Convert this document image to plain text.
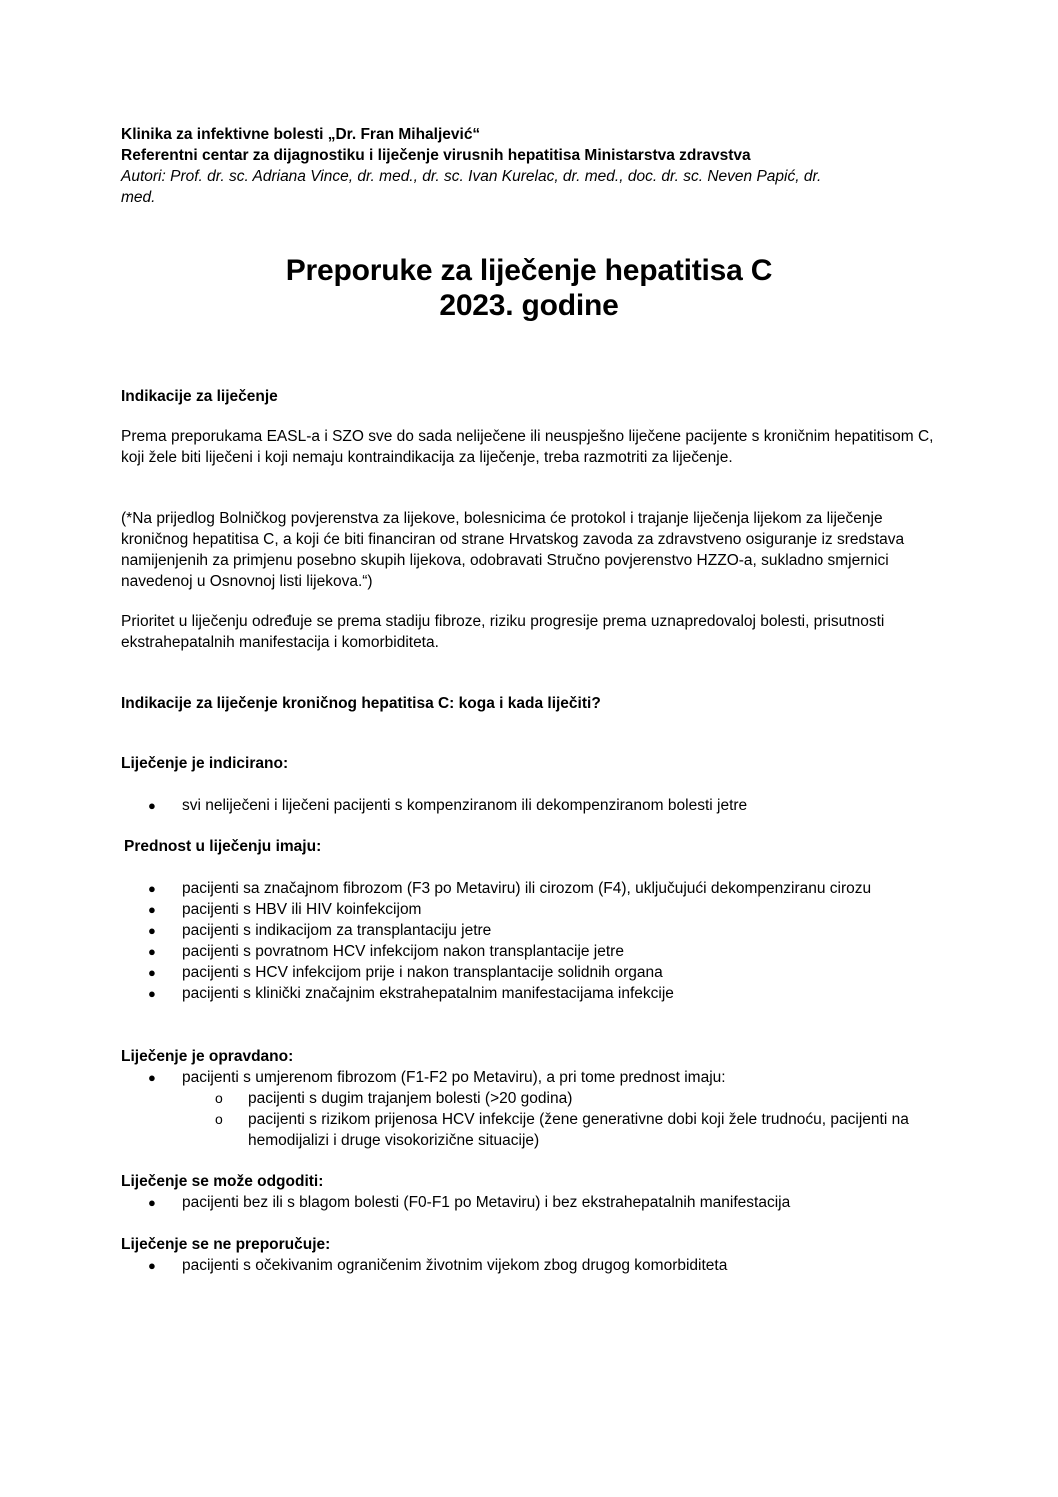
Klinika za infektivne bolesti „Dr. Fran Mihaljević“
Referentni centar za dijagnostiku i liječenje virusnih hepatitisa Ministarstva zdravstva
Autori: Prof. dr. sc. Adriana Vince, dr. med., dr. sc. Ivan Kurelac, dr. med., doc. dr. sc. Neven Papić, dr.
med.
Preporuke za liječenje hepatitisa C
2023. godine
Indikacije za liječenje
Prema preporukama EASL-a i SZO sve do sada neliječene ili neuspješno liječene pacijente s kroničnim hepatitisom C, koji žele biti liječeni i koji nemaju kontraindikacija za liječenje, treba razmotriti za liječenje.
(*Na prijedlog Bolničkog povjerenstva za lijekove, bolesnicima će protokol i trajanje liječenja lijekom za liječenje kroničnog hepatitisa C, a koji će biti financiran od strane Hrvatskog zavoda za zdravstveno osiguranje iz sredstava namijenjenih za primjenu posebno skupih lijekova, odobravati Stručno povjerenstvo HZZO-a, sukladno smjernici navedenoj u Osnovnoj listi lijekova.“)
Prioritet u liječenju određuje se prema stadiju fibroze, riziku progresije prema uznapredovaloj bolesti, prisutnosti ekstrahepatalnih manifestacija i komorbiditeta.
Indikacije za liječenje kroničnog hepatitisa C: koga i kada liječiti?
Liječenje je indicirano:
● svi neliječeni i liječeni pacijenti s kompenziranom ili dekompenziranom bolesti jetre
Prednost u liječenju imaju:
● pacijenti sa značajnom fibrozom (F3 po Metaviru) ili cirozom (F4), uključujući dekompenziranu cirozu
● pacijenti s HBV ili HIV koinfekcijom
● pacijenti s indikacijom za transplantaciju jetre
● pacijenti s povratnom HCV infekcijom nakon transplantacije jetre
● pacijenti s HCV infekcijom prije i nakon transplantacije solidnih organa
● pacijenti s klinički značajnim ekstrahepatalnim manifestacijama infekcije
Liječenje je opravdano:
● pacijenti s umjerenom fibrozom (F1-F2 po Metaviru), a pri tome prednost imaju:
o pacijenti s dugim trajanjem bolesti (>20 godina)
o pacijenti s rizikom prijenosa HCV infekcije (žene generativne dobi koji žele trudnoću, pacijenti na hemodijalizi i druge visokorizične situacije)
Liječenje se može odgoditi:
● pacijenti bez ili s blagom bolesti (F0-F1 po Metaviru) i bez ekstrahepatalnih manifestacija
Liječenje se ne preporučuje:
● pacijenti s očekivanim ograničenim životnim vijekom zbog drugog komorbiditeta
